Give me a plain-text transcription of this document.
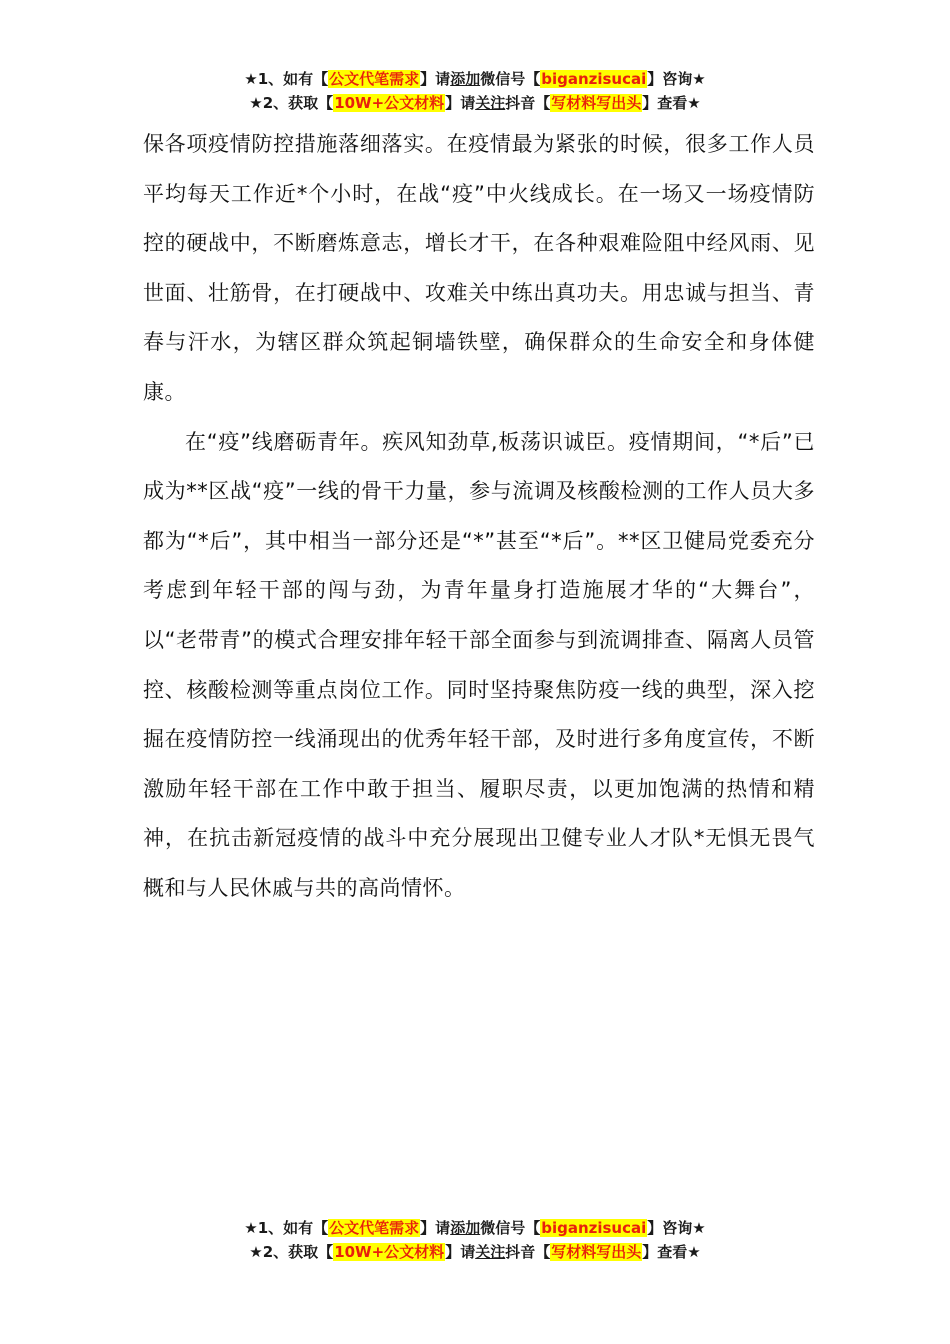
★1、如有【公文代笔需求】请添加微信号【biganzisucai】咨询★
★2、获取【10W+公文材料】请关注抖音【写材料写出头】查看★

保各项疫情防控措施落细落实。在疫情最为紧张的时候，很多工作人员平均每天工作近*个小时，在战“疫”中火线成长。在一场又一场疫情防控的硬战中，不断磨炼意志，增长才干，在各种艰难险阻中经风雨、见世面、壮筋骨，在打硬战中、攻难关中练出真功夫。用忠诚与担当、青春与汗水，为辖区群众筑起铜墙铁壁，确保群众的生命安全和身体健康。

在“疫”线磨砺青年。疾风知劲草,板荡识诚臣。疫情期间，“*后”已成为**区战“疫”一线的骨干力量，参与流调及核酸检测的工作人员大多都为“*后”，其中相当一部分还是“*”甚至“*后”。**区卫健局党委充分考虑到年轻干部的闯与劲，为青年量身打造施展才华的“大舞台”，以“老带青”的模式合理安排年轻干部全面参与到流调排查、隔离人员管控、核酸检测等重点岗位工作。同时坚持聚焦防疫一线的典型，深入挖掘在疫情防控一线涌现出的优秀年轻干部，及时进行多角度宣传，不断激励年轻干部在工作中敢于担当、履职尽责，以更加饱满的热情和精神，在抗击新冠疫情的战斗中充分展现出卫健专业人才队*无惧无畏气概和与人民休戚与共的高尚情怀。

★1、如有【公文代笔需求】请添加微信号【biganzisucai】咨询★
★2、获取【10W+公文材料】请关注抖音【写材料写出头】查看★
